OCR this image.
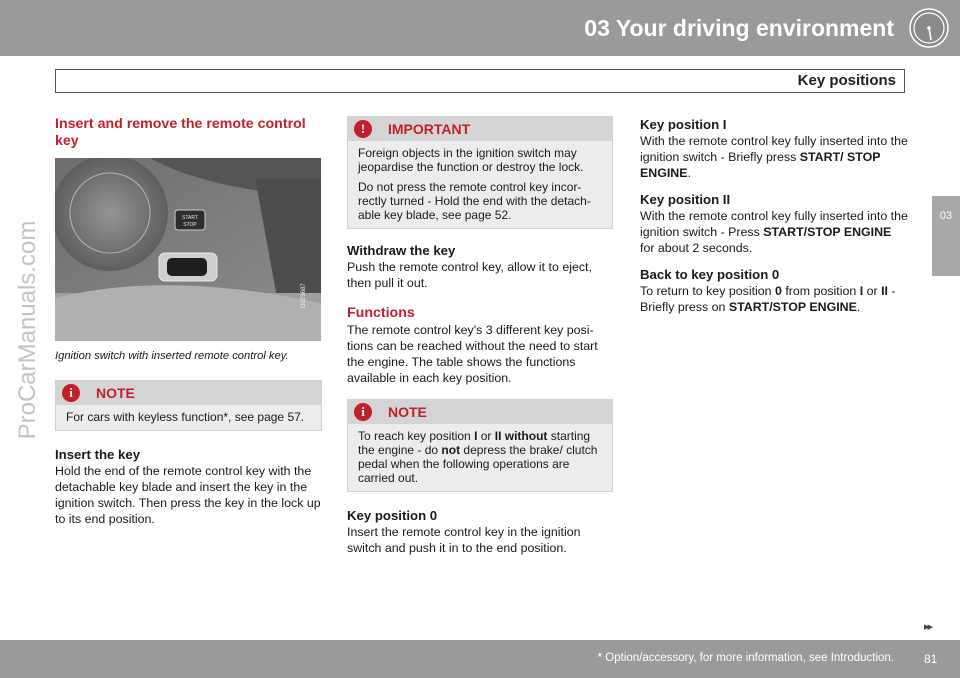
03 Your driving environment
Key positions
03
ProCarManuals.com
Insert and remove the remote control key
START
STOP
G029687

Ignition switch with inserted remote control key.

i	NOTE

For cars with keyless function*, see page 57.

Insert the key

Hold the end of the remote control key with the detachable key blade and insert the key in the ignition switch. Then press the key in the lock up to its end position.

!	IMPORTANT

Foreign objects in the ignition switch may jeopardise the function or destroy the lock.

Do not press the remote control key incor-rectly turned - Hold the end with the detach-able key blade, see page 52.

Withdraw the key

Push the remote control key, allow it to eject, then pull it out.

Functions

The remote control key's 3 different key posi-tions can be reached without the need to start the engine. The table shows the functions available in each key position.

i	NOTE

To reach key position I or II without starting the engine - do not depress the brake/ clutch pedal when the following operations are carried out.

Key position 0

Insert the remote control key in the ignition switch and push it in to the end position.

Key position I

With the remote control key fully inserted into the ignition switch - Briefly press START/ STOP ENGINE.

Key position II

With the remote control key fully inserted into the ignition switch - Press START/STOP ENGINE for about 2 seconds.

Back to key position 0

To return to key position 0 from position I or II - Briefly press on START/STOP ENGINE.

▸▸
* Option/accessory, for more information, see Introduction.	81
